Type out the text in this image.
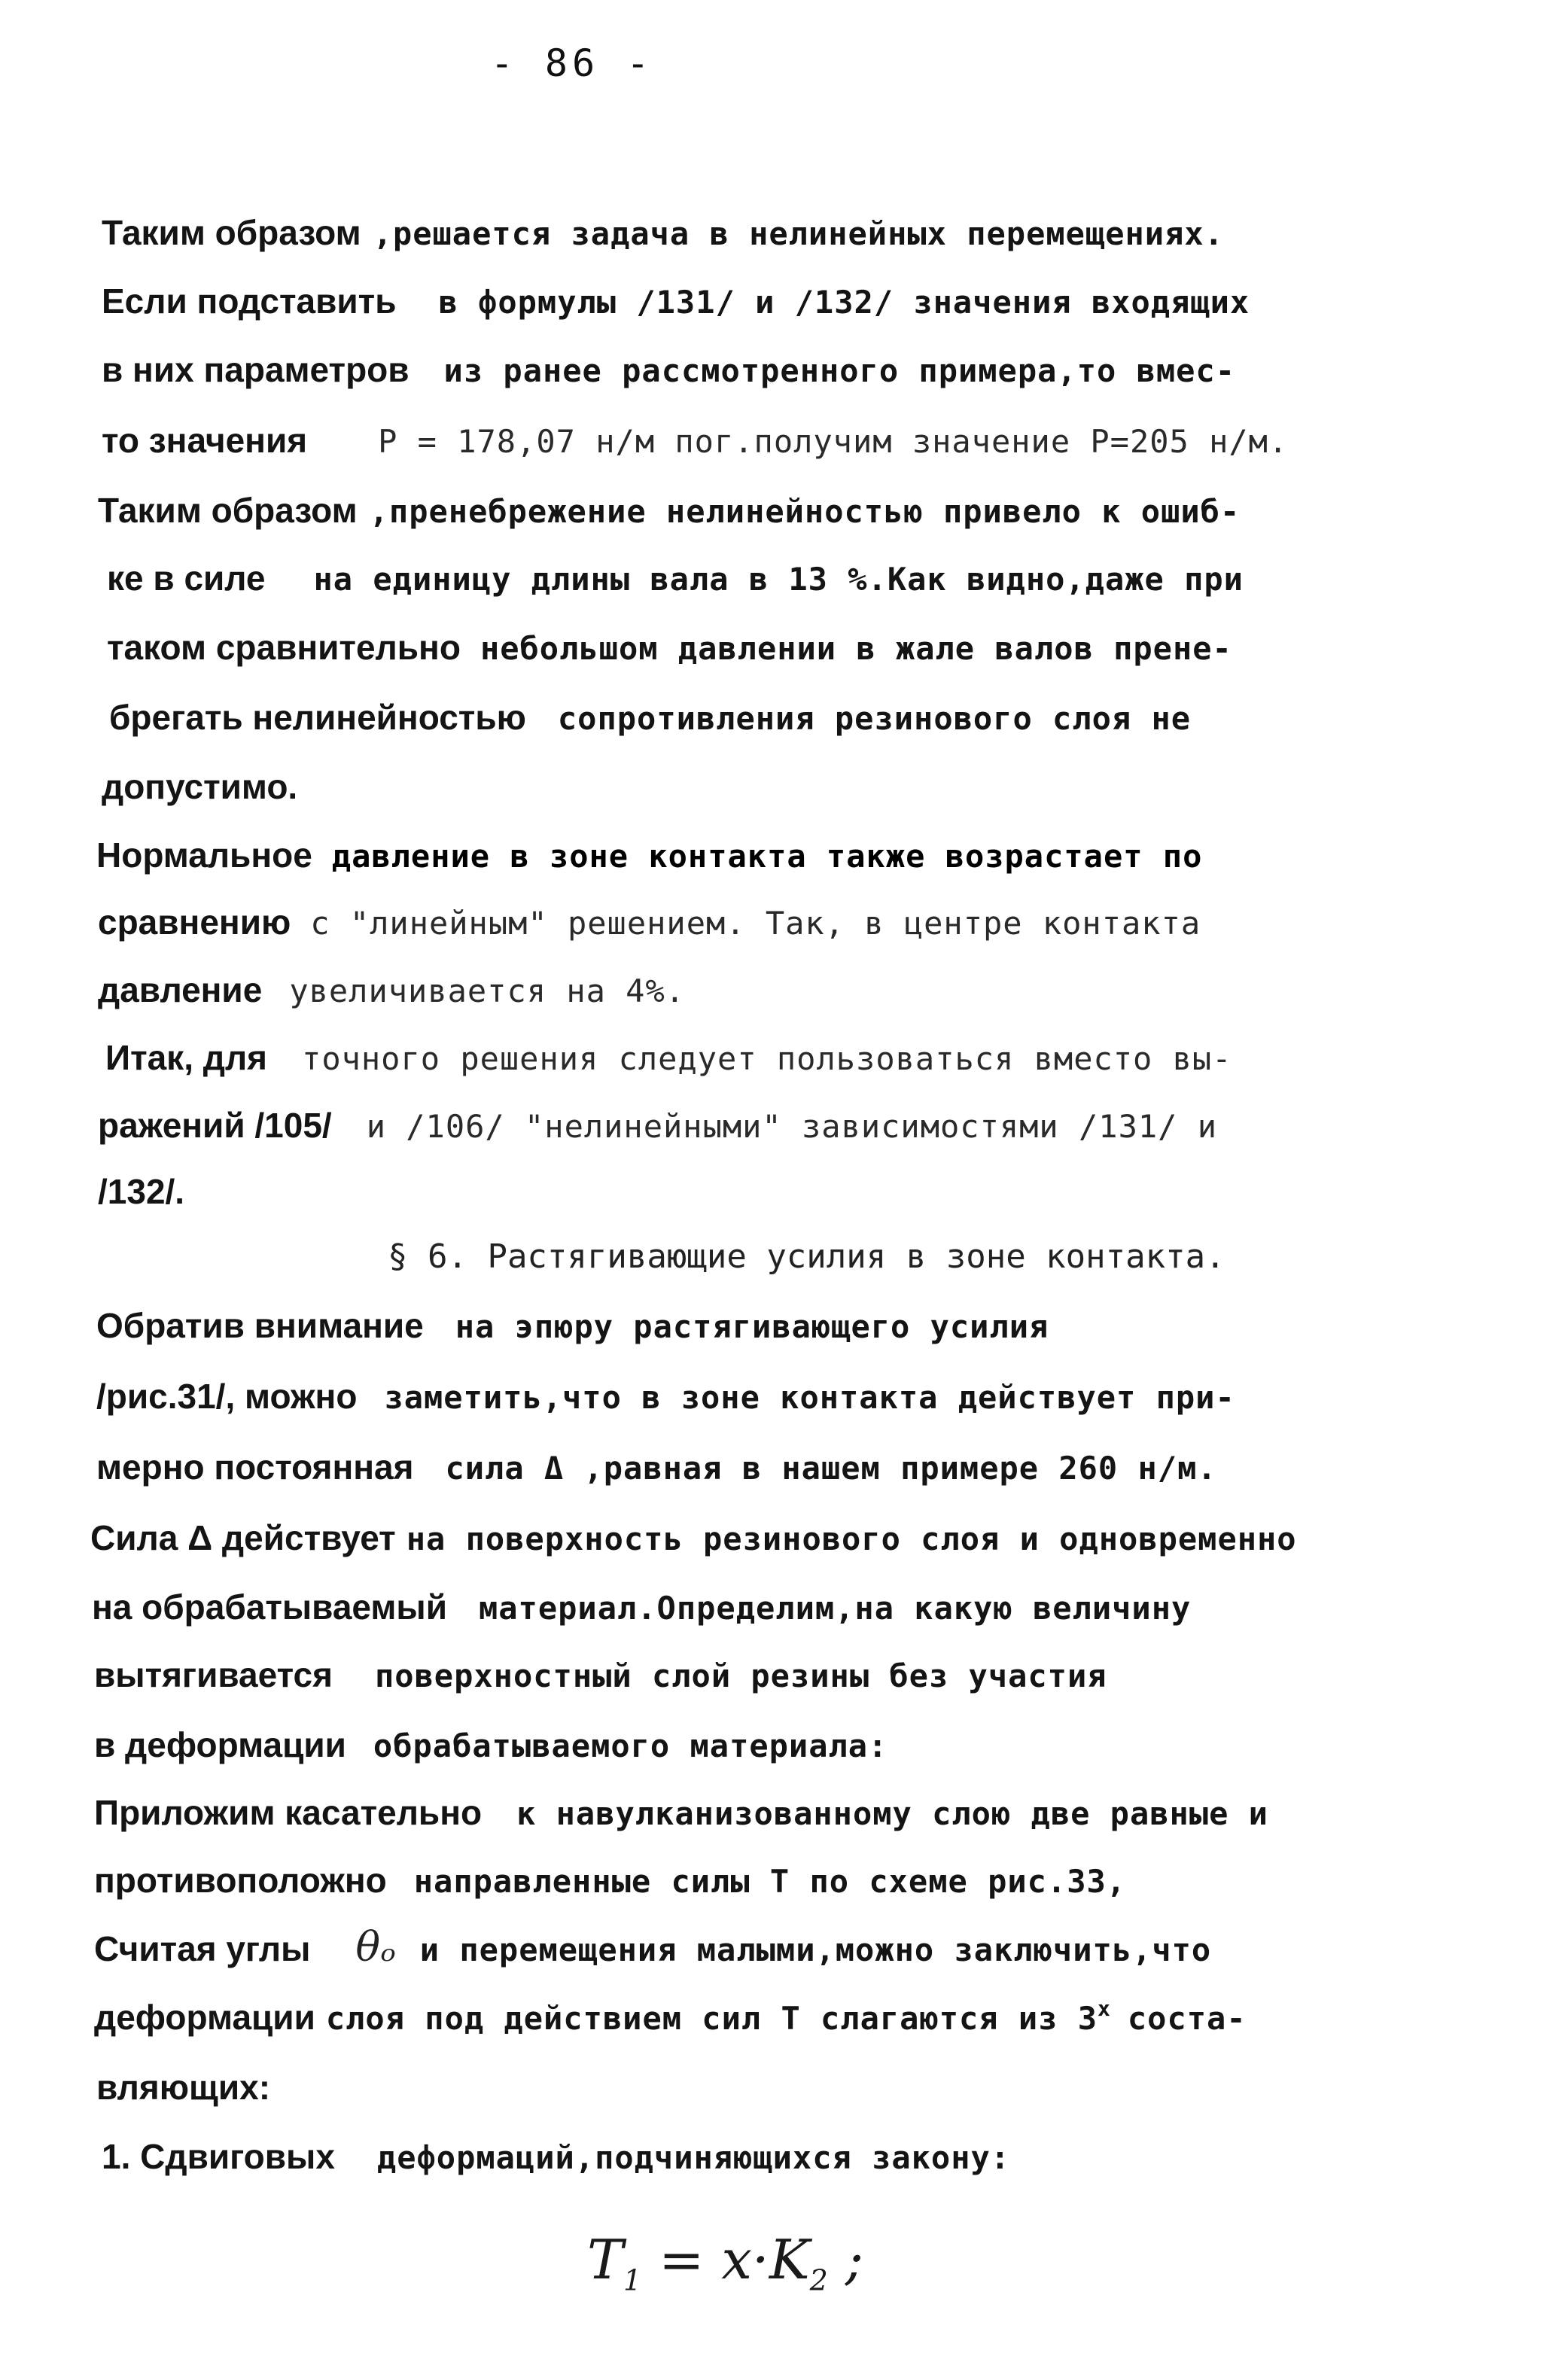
- 86 -
Таким образом ,решается задача в нелинейных перемещениях.
Если подставить в формулы /131/ и /132/ значения входящих
в них параметров из ранее рассмотренного примера,то вмес-
то значения Р = 178,07 н/м пог.получим значение Р=205 н/м.
Таким образом ,пренебрежение нелинейностью привело к ошиб-
ке в силе на единицу длины вала в 13 %.Как видно,даже при
таком сравнительно небольшом давлении в жале валов прене-
брегать нелинейностью сопротивления резинового слоя не
допустимо.
Нормальное давление в зоне контакта также возрастает по
сравнению с "линейным" решением. Так, в центре контакта
давление увеличивается на 4%.
Итак, для точного решения следует пользоваться вместо вы-
ражений /105/ и /106/ "нелинейными" зависимостями /131/ и
/132/.
§ 6. Растягивающие усилия в зоне контакта.
Обратив внимание на эпюру растягивающего усилия
/рис.31/, можно заметить,что в зоне контакта действует при-
мерно постоянная сила Δ ,равная в нашем примере 260 н/м.
Сила Δ действует на поверхность резинового слоя и одновременно
на обрабатываемый материал.Определим,на какую величину
вытягивается поверхностный слой резины без участия
в деформации обрабатываемого материала:
Приложим касательно к навулканизованному слою две равные и
противоположно направленные силы Т по схеме рис.33,
Считая углы θₒ и перемещения малыми,можно заключить,что
деформации слоя под действием сил Т слагаются из 3х соста-
вляющих:
1. Сдвиговых деформаций,подчиняющихся закону:
$T_1 = x\cdot K_2$ ;
